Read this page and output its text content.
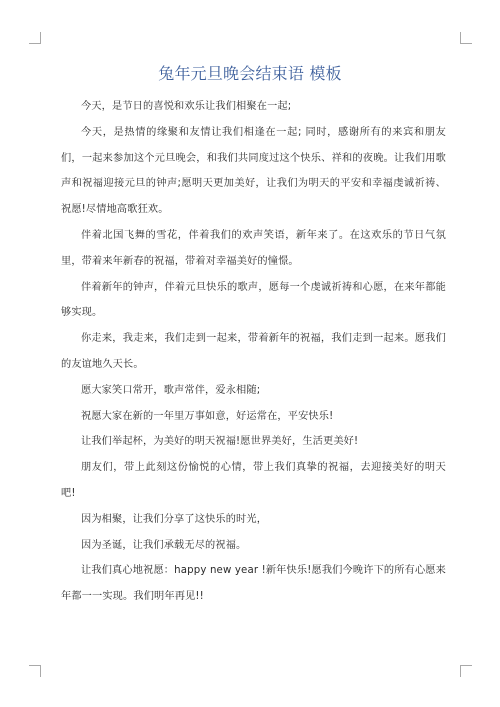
兔年元旦晚会结束语 模板

今天，是节日的喜悦和欢乐让我们相聚在一起;

今天，是热情的缘聚和友情让我们相逢在一起; 同时，感谢所有的来宾和朋友们，一起来参加这个元旦晚会，和我们共同度过这个快乐、祥和的夜晚。让我们用歌声和祝福迎接元旦的钟声;愿明天更加美好，让我们为明天的平安和幸福虔诚祈祷、祝愿!尽情地高歌狂欢。

伴着北国飞舞的雪花，伴着我们的欢声笑语，新年来了。在这欢乐的节日气氛里，带着来年新春的祝福，带着对幸福美好的憧憬。

伴着新年的钟声，伴着元旦快乐的歌声，愿每一个虔诚祈祷和心愿，在来年都能够实现。

你走来，我走来，我们走到一起来，带着新年的祝福，我们走到一起来。愿我们的友谊地久天长。

愿大家笑口常开，歌声常伴，爱永相随;

祝愿大家在新的一年里万事如意，好运常在，平安快乐!

让我们举起杯，为美好的明天祝福!愿世界美好，生活更美好!

朋友们，带上此刻这份愉悦的心情，带上我们真挚的祝福，去迎接美好的明天吧!

因为相聚，让我们分享了这快乐的时光，

因为圣诞，让我们承载无尽的祝福。

让我们真心地祝愿：happy new year !新年快乐!愿我们今晚许下的所有心愿来年都一一实现。我们明年再见!!
